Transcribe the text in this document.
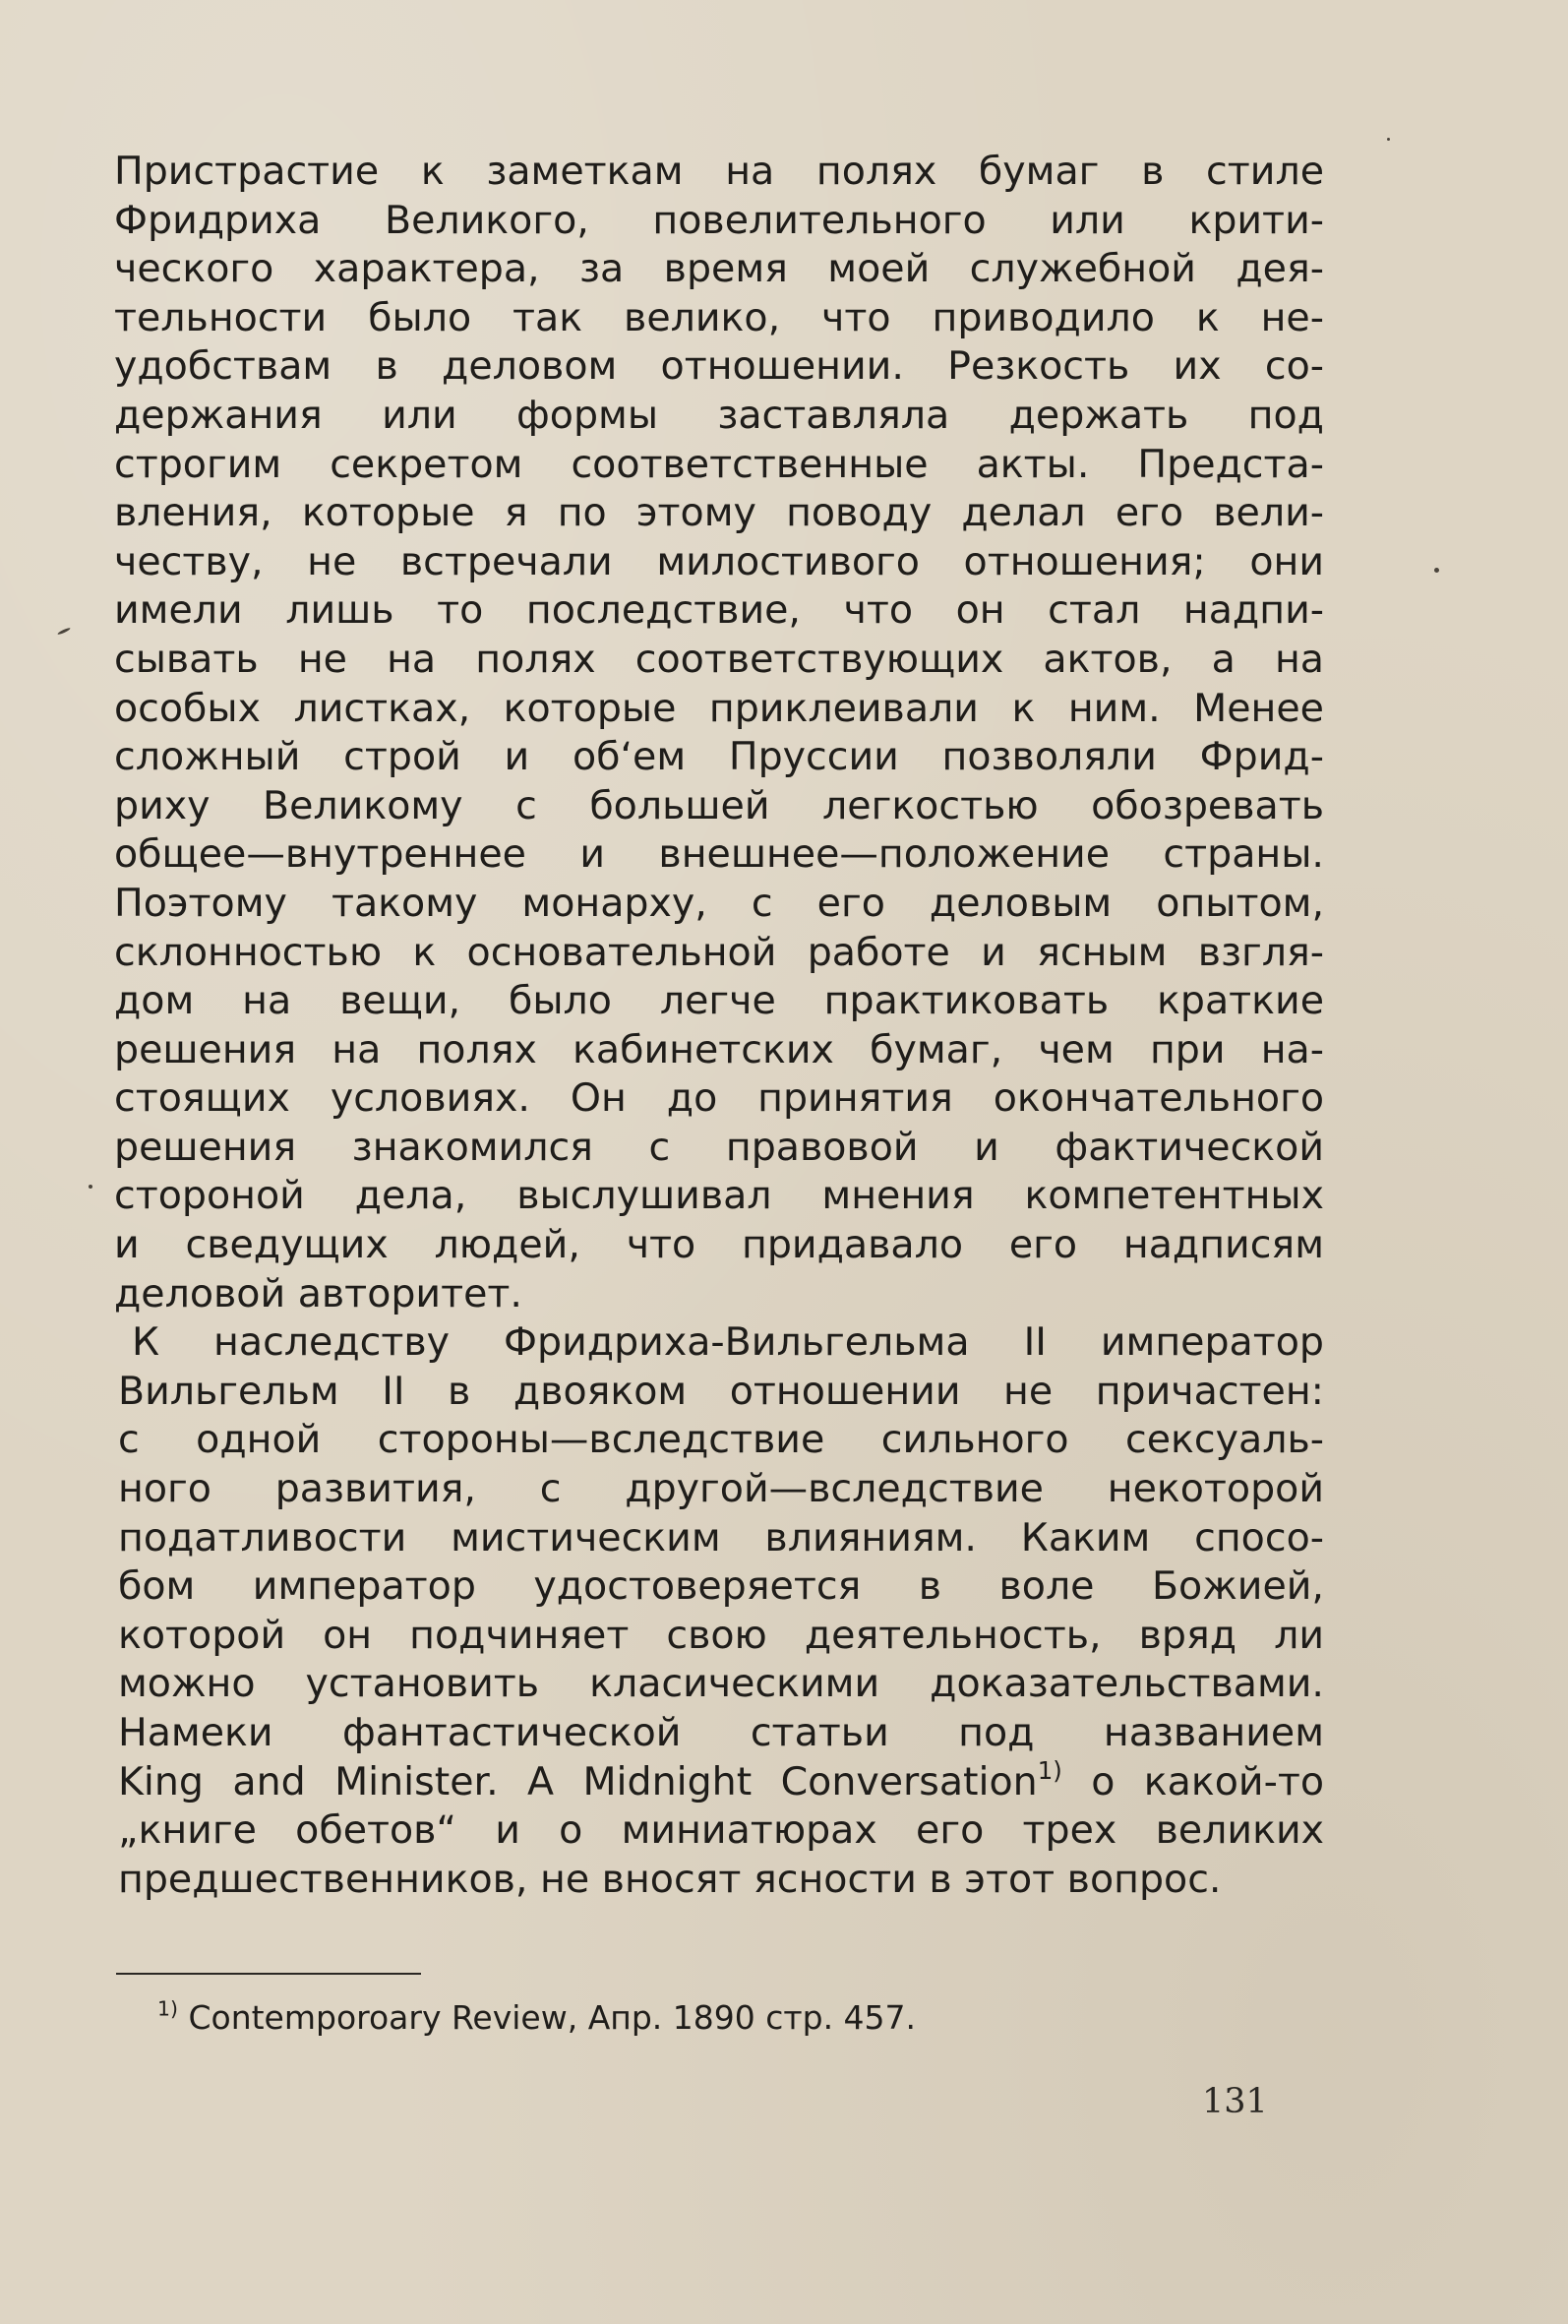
Пристрастие к заметкам на полях бумаг в стиле
Фридриха Великого, повелительного или крити-
ческого характера, за время моей служебной дея-
тельности было так велико, что приводило к не-
удобствам в деловом отношении. Резкость их со-
держания или формы заставляла держать под
строгим секретом соответственные акты. Предста-
вления, которые я по этому поводу делал его вели-
честву, не встречали милостивого отношения; они
имели лишь то последствие, что он стал надпи-
сывать не на полях соответствующих актов, а на
особых листках, которые приклеивали к ним. Менее
сложный строй и об‘ем Пруссии позволяли Фрид-
риху Великому с большей легкостью обозревать
общее—внутреннее и внешнее—положение страны.
Поэтому такому монарху, с его деловым опытом,
склонностью к основательной работе и ясным взгля-
дом на вещи, было легче практиковать краткие
решения на полях кабинетских бумаг, чем при на-
стоящих условиях. Он до принятия окончательного
решения знакомился с правовой и фактической
стороной дела, выслушивал мнения компетентных
и сведущих людей, что придавало его надписям
деловой авторитет.

К наследству Фридриха-Вильгельма II император
Вильгельм II в двояком отношении не причастен:
с одной стороны—вследствие сильного сексуаль-
ного развития, с другой—вследствие некоторой
податливости мистическим влияниям. Каким спосо-
бом император удостоверяется в воле Божией,
которой он подчиняет свою деятельность, вряд ли
можно установить класическими доказательствами.
Намеки фантастической статьи под названием
King and Minister. A Midnight Conversation$^{1)}$ о какой-то
„книге обетов“ и о миниатюрах его трех великих
предшественников, не вносят ясности в этот вопрос.

$^{1)}$ Contemporoary Review, Апр. 1890 стр. 457.
131
